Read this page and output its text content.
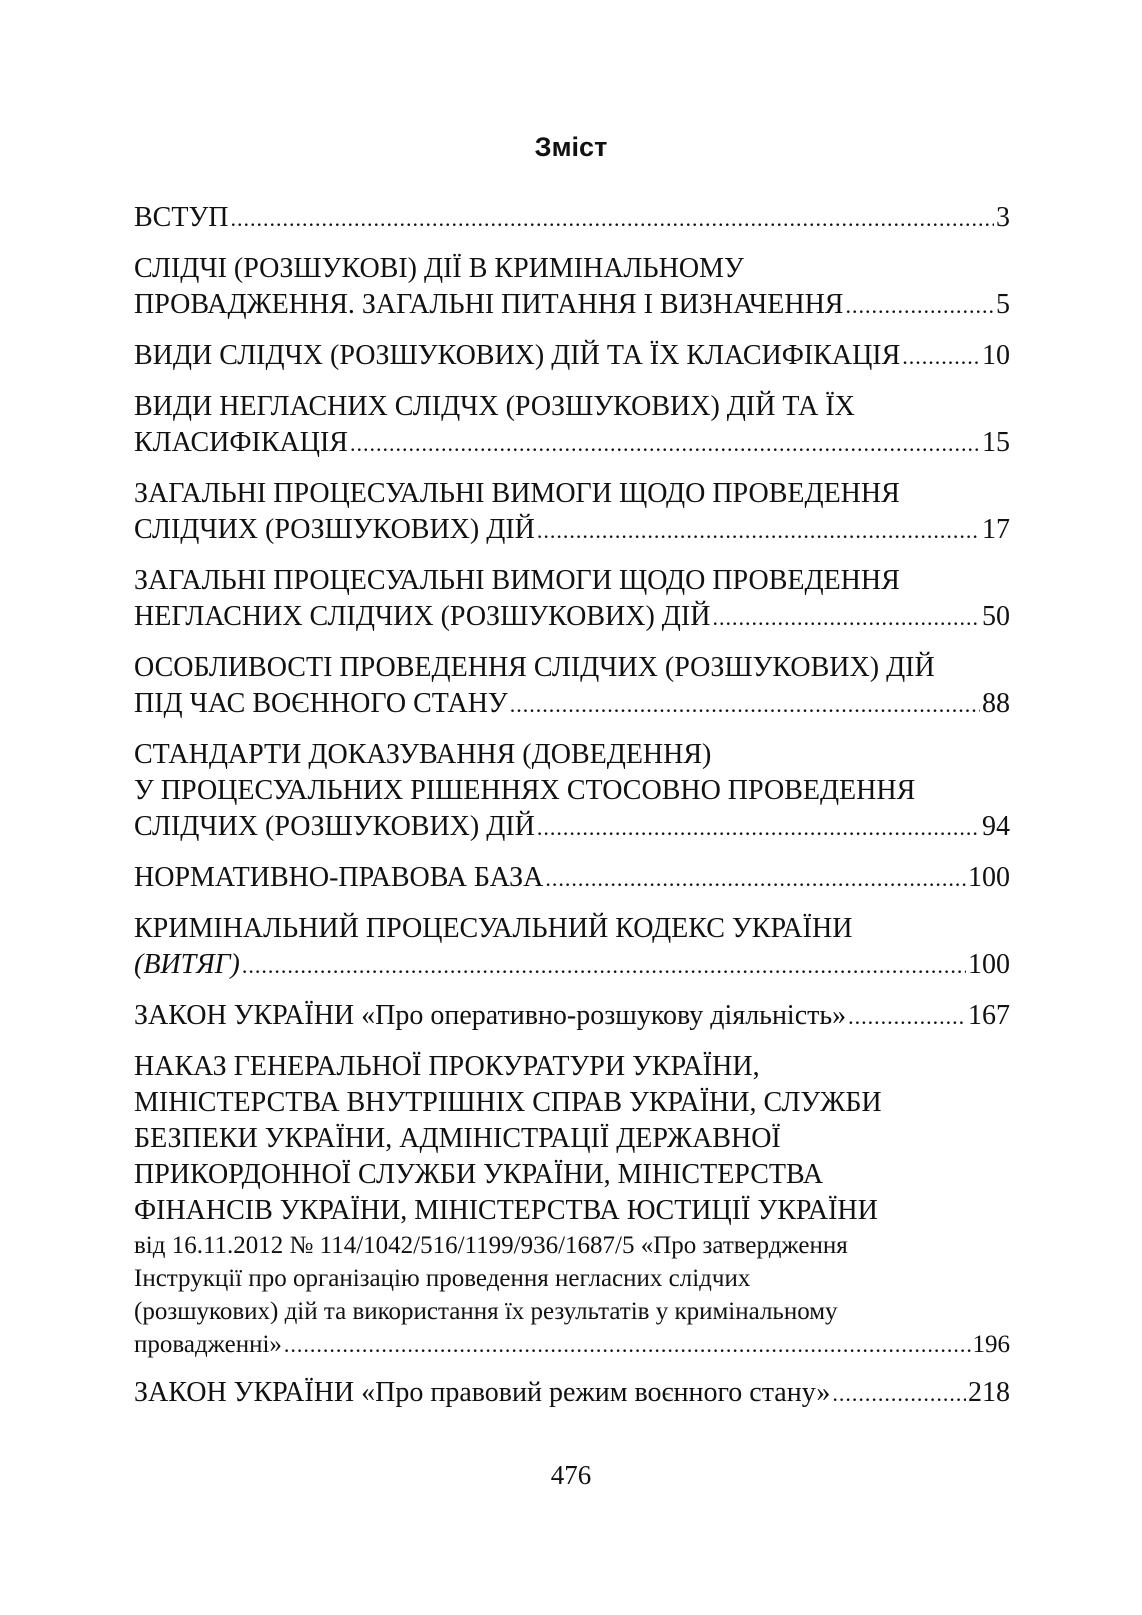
Зміст
ВСТУП .....	3
СЛІДЧІ (РОЗШУКОВІ) ДІЇ В КРИМІНАЛЬНОМУ
ПРОВАДЖЕННЯ. ЗАГАЛЬНІ ПИТАННЯ І ВИЗНАЧЕННЯ .....	5
ВИДИ СЛІДЧХ (РОЗШУКОВИХ) ДІЙ ТА ЇХ КЛАСИФІКАЦІЯ .....	10
ВИДИ НЕГЛАСНИХ СЛІДЧХ (РОЗШУКОВИХ) ДІЙ ТА ЇХ
КЛАСИФІКАЦІЯ .....	15
ЗАГАЛЬНІ ПРОЦЕСУАЛЬНІ ВИМОГИ ЩОДО ПРОВЕДЕННЯ
СЛІДЧИХ (РОЗШУКОВИХ) ДІЙ .....	17
ЗАГАЛЬНІ ПРОЦЕСУАЛЬНІ ВИМОГИ ЩОДО ПРОВЕДЕННЯ
НЕГЛАСНИХ СЛІДЧИХ (РОЗШУКОВИХ) ДІЙ .....	50
ОСОБЛИВОСТІ ПРОВЕДЕННЯ СЛІДЧИХ (РОЗШУКОВИХ) ДІЙ
ПІД ЧАС ВОЄННОГО СТАНУ .....	88
СТАНДАРТИ ДОКАЗУВАННЯ (ДОВЕДЕННЯ)
У ПРОЦЕСУАЛЬНИХ РІШЕННЯХ СТОСОВНО ПРОВЕДЕННЯ
СЛІДЧИХ (РОЗШУКОВИХ) ДІЙ .....	94
НОРМАТИВНО-ПРАВОВА БАЗА .....	100
КРИМІНАЛЬНИЙ ПРОЦЕСУАЛЬНИЙ КОДЕКС УКРАЇНИ
(ВИТЯГ) .....	100
ЗАКОН УКРАЇНИ «Про оперативно-розшукову діяльність» .....	167
НАКАЗ ГЕНЕРАЛЬНОЇ ПРОКУРАТУРИ УКРАЇНИ,
МІНІСТЕРСТВА ВНУТРІШНІХ СПРАВ УКРАЇНИ, СЛУЖБИ
БЕЗПЕКИ УКРАЇНИ, АДМІНІСТРАЦІЇ ДЕРЖАВНОЇ
ПРИКОРДОННОЇ СЛУЖБИ УКРАЇНИ, МІНІСТЕРСТВА
ФІНАНСІВ УКРАЇНИ, МІНІСТЕРСТВА ЮСТИЦІЇ УКРАЇНИ
від 16.11.2012 № 114/1042/516/1199/936/1687/5 «Про затвердження
Інструкції про організацію проведення негласних слідчих
(розшукових) дій та використання їх результатів у кримінальному
провадженні» .....	196
ЗАКОН УКРАЇНИ «Про правовий режим воєнного стану» .....	218
476
